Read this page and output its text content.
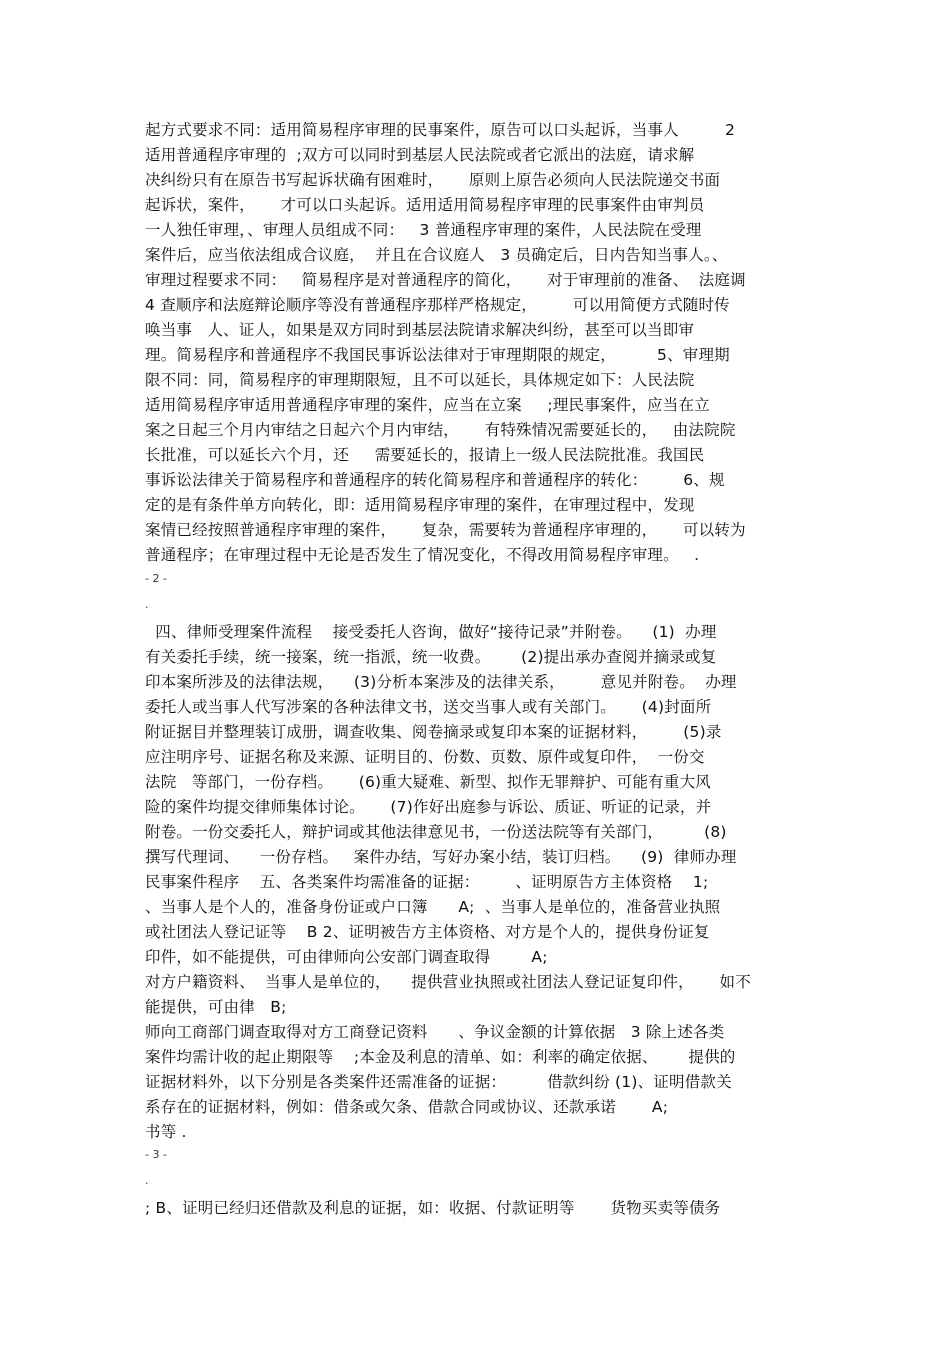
起方式要求不同：适用简易程序审理的民事案件，原告可以口头起诉，当事人         2
适用普通程序审理的  ;双方可以同时到基层人民法院或者它派出的法庭，请求解
决纠纷只有在原告书写起诉状确有困难时，     原则上原告必须向人民法院递交书面
起诉状，案件，     才可以口头起诉。适用适用简易程序审理的民事案件由审判员
一人独任审理，、审理人员组成不同：   3 普通程序审理的案件，人民法院在受理
案件后，应当依法组成合议庭，  并且在合议庭人   3 员确定后，日内告知当事人。、
审理过程要求不同：   简易程序是对普通程序的简化，     对于审理前的准备、  法庭调
4 查顺序和法庭辩论顺序等没有普通程序那样严格规定，       可以用简便方式随时传
唤当事   人、证人，如果是双方同时到基层法院请求解决纠纷，甚至可以当即审
理。简易程序和普通程序不我国民事诉讼法律对于审理期限的规定，        5、审理期
限不同：同，简易程序的审理期限短，且不可以延长，具体规定如下：人民法院
适用简易程序审适用普通程序审理的案件，应当在立案     ;理民事案件，应当在立
案之日起三个月内审结之日起六个月内审结，     有特殊情况需要延长的，   由法院院
长批准，可以延长六个月，还     需要延长的，报请上一级人民法院批准。我国民
事诉讼法律关于简易程序和普通程序的转化简易程序和普通程序的转化：       6、规
定的是有条件单方向转化，即：适用简易程序审理的案件，在审理过程中，发现
案情已经按照普通程序审理的案件，     复杂，需要转为普通程序审理的，     可以转为
普通程序；在审理过程中无论是否发生了情况变化，不得改用简易程序审理。   .
- 2 -
.
四、律师受理案件流程    接受委托人咨询，做好“接待记录”并附卷。    (1)  办理
有关委托手续，统一接案，统一指派，统一收费。      (2)提出承办查阅并摘录或复
印本案所涉及的法律法规，    (3)分析本案涉及的法律关系，       意见并附卷。  办理
委托人或当事人代写涉案的各种法律文书，送交当事人或有关部门。     (4)封面所
附证据目并整理装订成册，调查收集、阅卷摘录或复印本案的证据材料，       (5)录
应注明序号、证据名称及来源、证明目的、份数、页数、原件或复印件，  一份交
法院   等部门，一份存档。     (6)重大疑难、新型、拟作无罪辩护、可能有重大风
险的案件均提交律师集体讨论。     (7)作好出庭参与诉讼、质证、听证的记录，并
附卷。一份交委托人，辩护词或其他法律意见书，一份送法院等有关部门，        (8)
撰写代理词、    一份存档。   案件办结，写好办案小结，装订归档。    (9)  律师办理
民事案件程序    五、各类案件均需准备的证据：       、证明原告方主体资格    1;
、当事人是个人的，准备身份证或户口簿      A;  、当事人是单位的，准备营业执照
或社团法人登记证等    B 2、证明被告方主体资格、对方是个人的，提供身份证复
印件，如不能提供，可由律师向公安部门调查取得        A;
对方户籍资料、  当事人是单位的，    提供营业执照或社团法人登记证复印件，     如不
能提供，可由律   B;
师向工商部门调查取得对方工商登记资料      、争议金额的计算依据   3 除上述各类
案件均需计收的起止期限等    ;本金及利息的清单、如：利率的确定依据、      提供的
证据材料外，以下分别是各类案件还需准备的证据：        借款纠纷 (1)、证明借款关
系存在的证据材料，例如：借条或欠条、借款合同或协议、还款承诺       A;
书等 .
- 3 -
.
; B、证明已经归还借款及利息的证据，如：收据、付款证明等       货物买卖等债务
